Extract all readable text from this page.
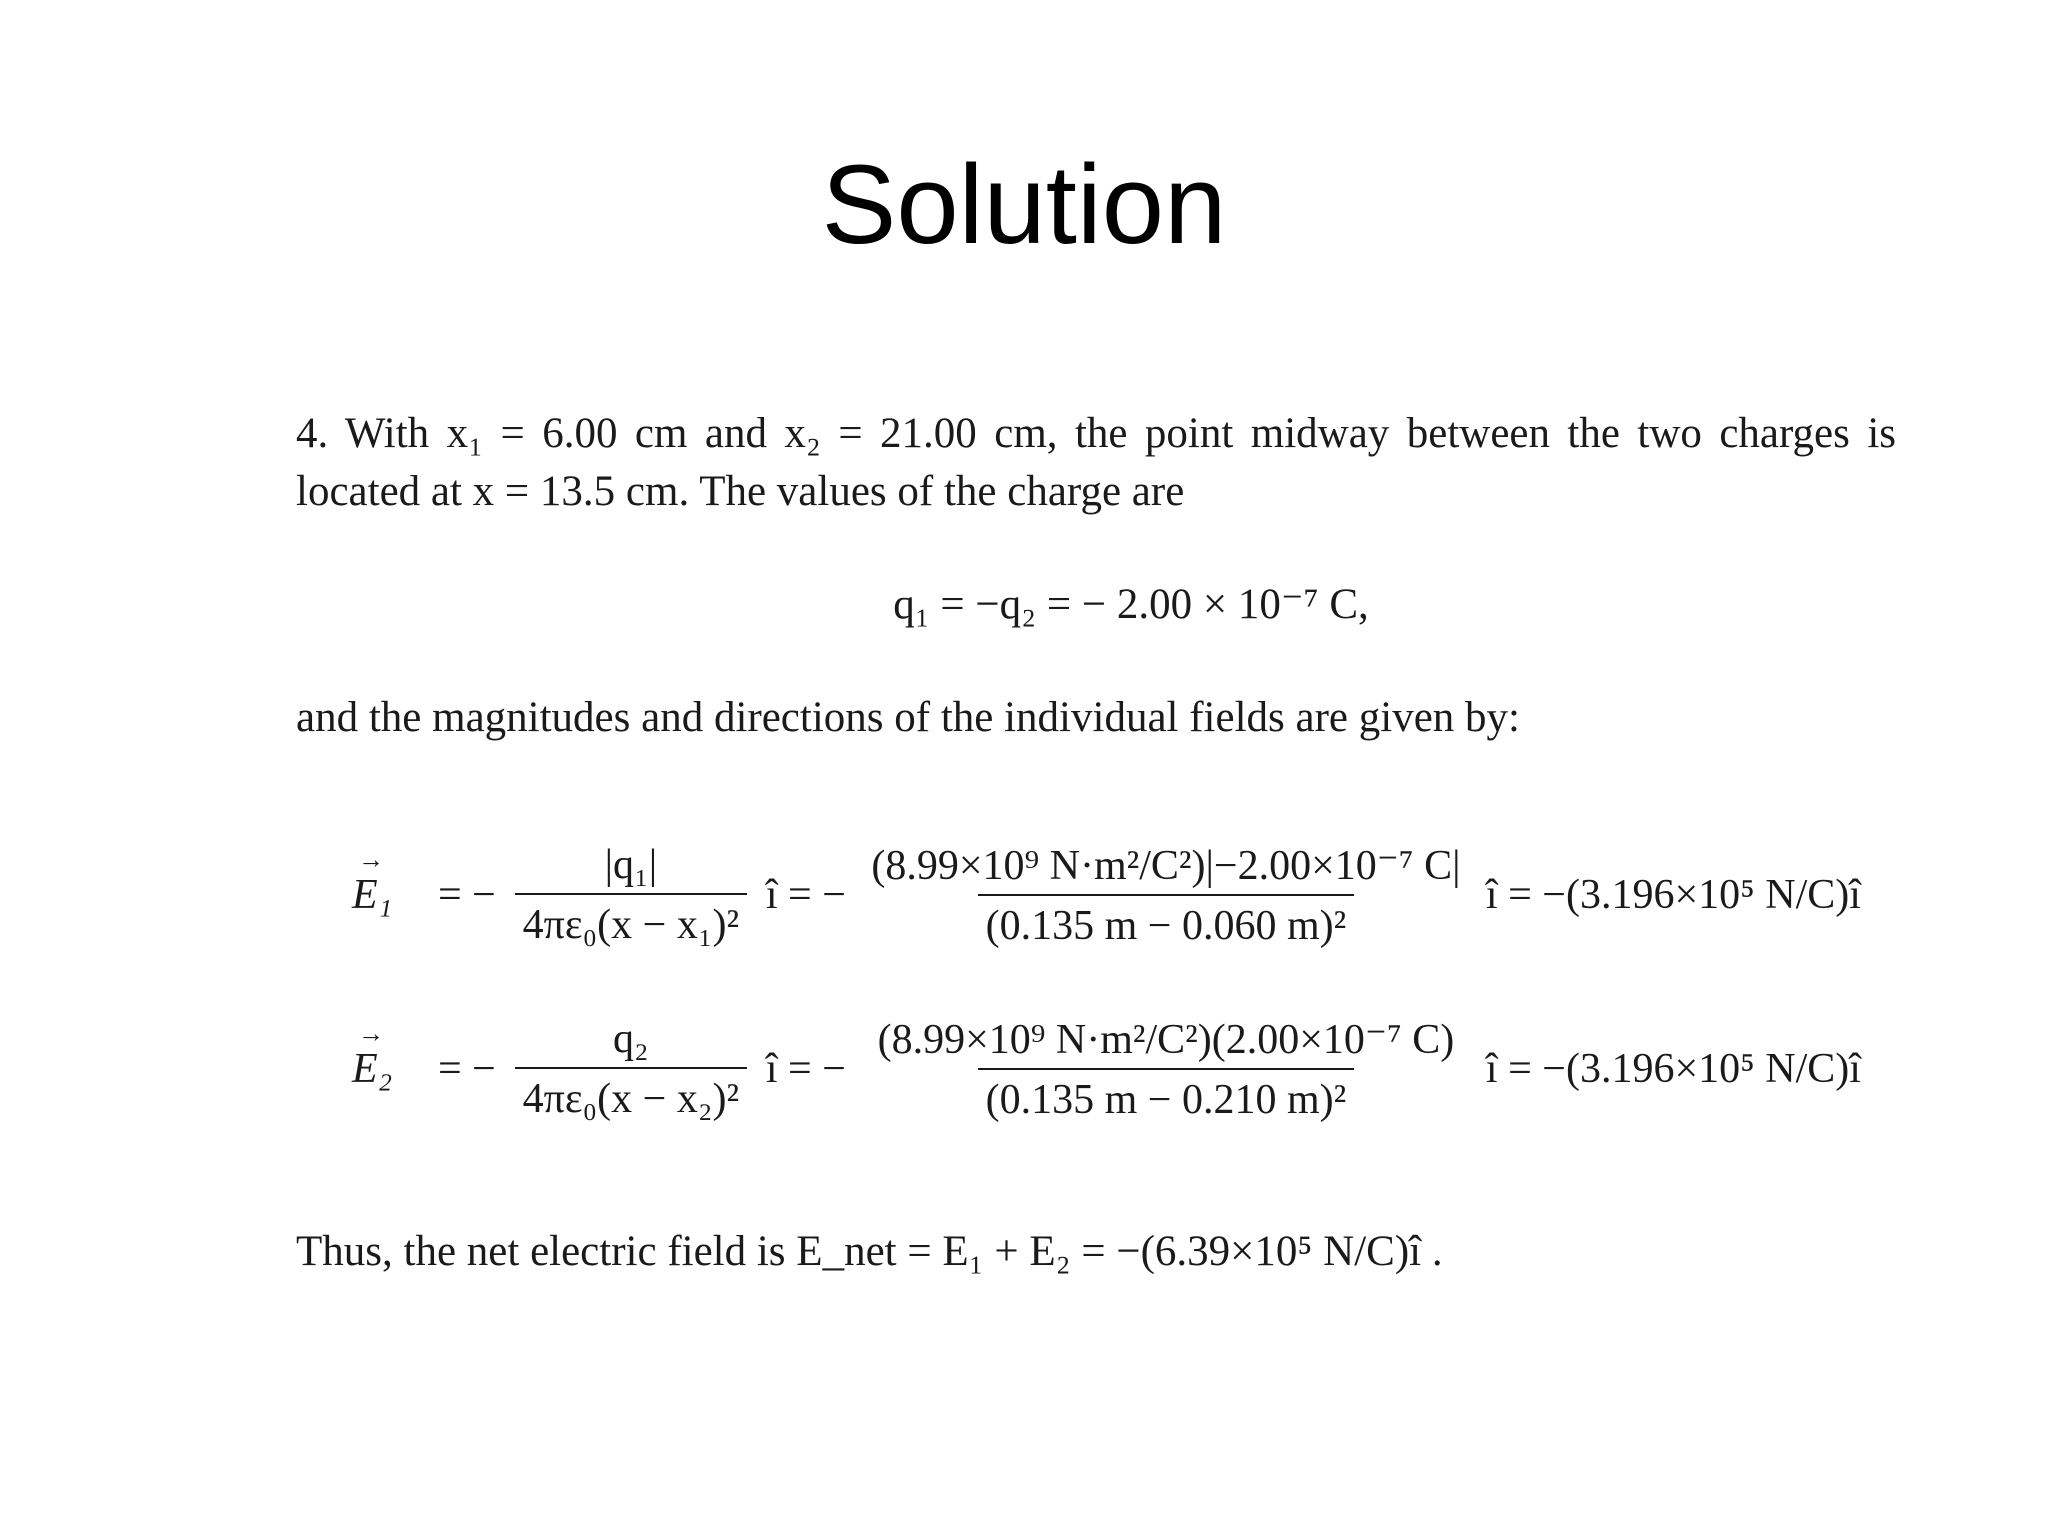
Solution
4. With x₁ = 6.00 cm and x₂ = 21.00 cm, the point midway between the two charges is
located at x = 13.5 cm. The values of the charge are
q₁ = −q₂ = − 2.00 × 10⁻⁷ C,
and the magnitudes and directions of the individual fields are given by:
→ E₁	= − $\frac{\text{|q₁|}}{\text{4πε₀(x − x₁)²}}$ î = − $\frac{\text{(8.99×10⁹ N·m²/C²)|−2.00×10⁻⁷ C|}}{\text{(0.135 m − 0.060 m)²}}$ î = −(3.196×10⁵ N/C)î
→ E₂	= − $\frac{\text{q₂}}{\text{4πε₀(x − x₂)²}}$ î = − $\frac{\text{(8.99×10⁹ N·m²/C²)(2.00×10⁻⁷ C)}}{\text{(0.135 m − 0.210 m)²}}$ î = −(3.196×10⁵ N/C)î
Thus, the net electric field is E_net = E₁ + E₂ = −(6.39×10⁵ N/C)î .
